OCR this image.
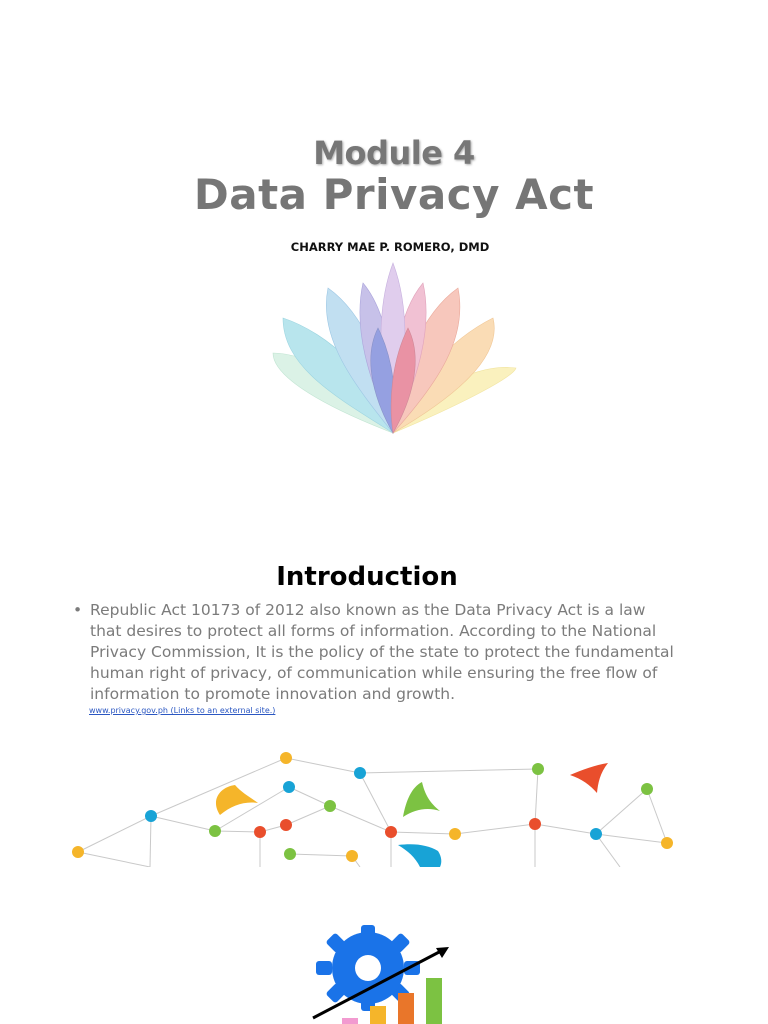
Module 4
Data Privacy Act
CHARRY MAE P. ROMERO, DMD
Introduction
• Republic Act 10173 of 2012 also known as the Data Privacy Act is a law that desires to protect all forms of information. According to the National Privacy Commission, It is the policy of the state to protect the fundamental human right of privacy, of communication while ensuring the free flow of information to promote innovation and growth.
www.privacy.gov.ph (Links to an external site.)
